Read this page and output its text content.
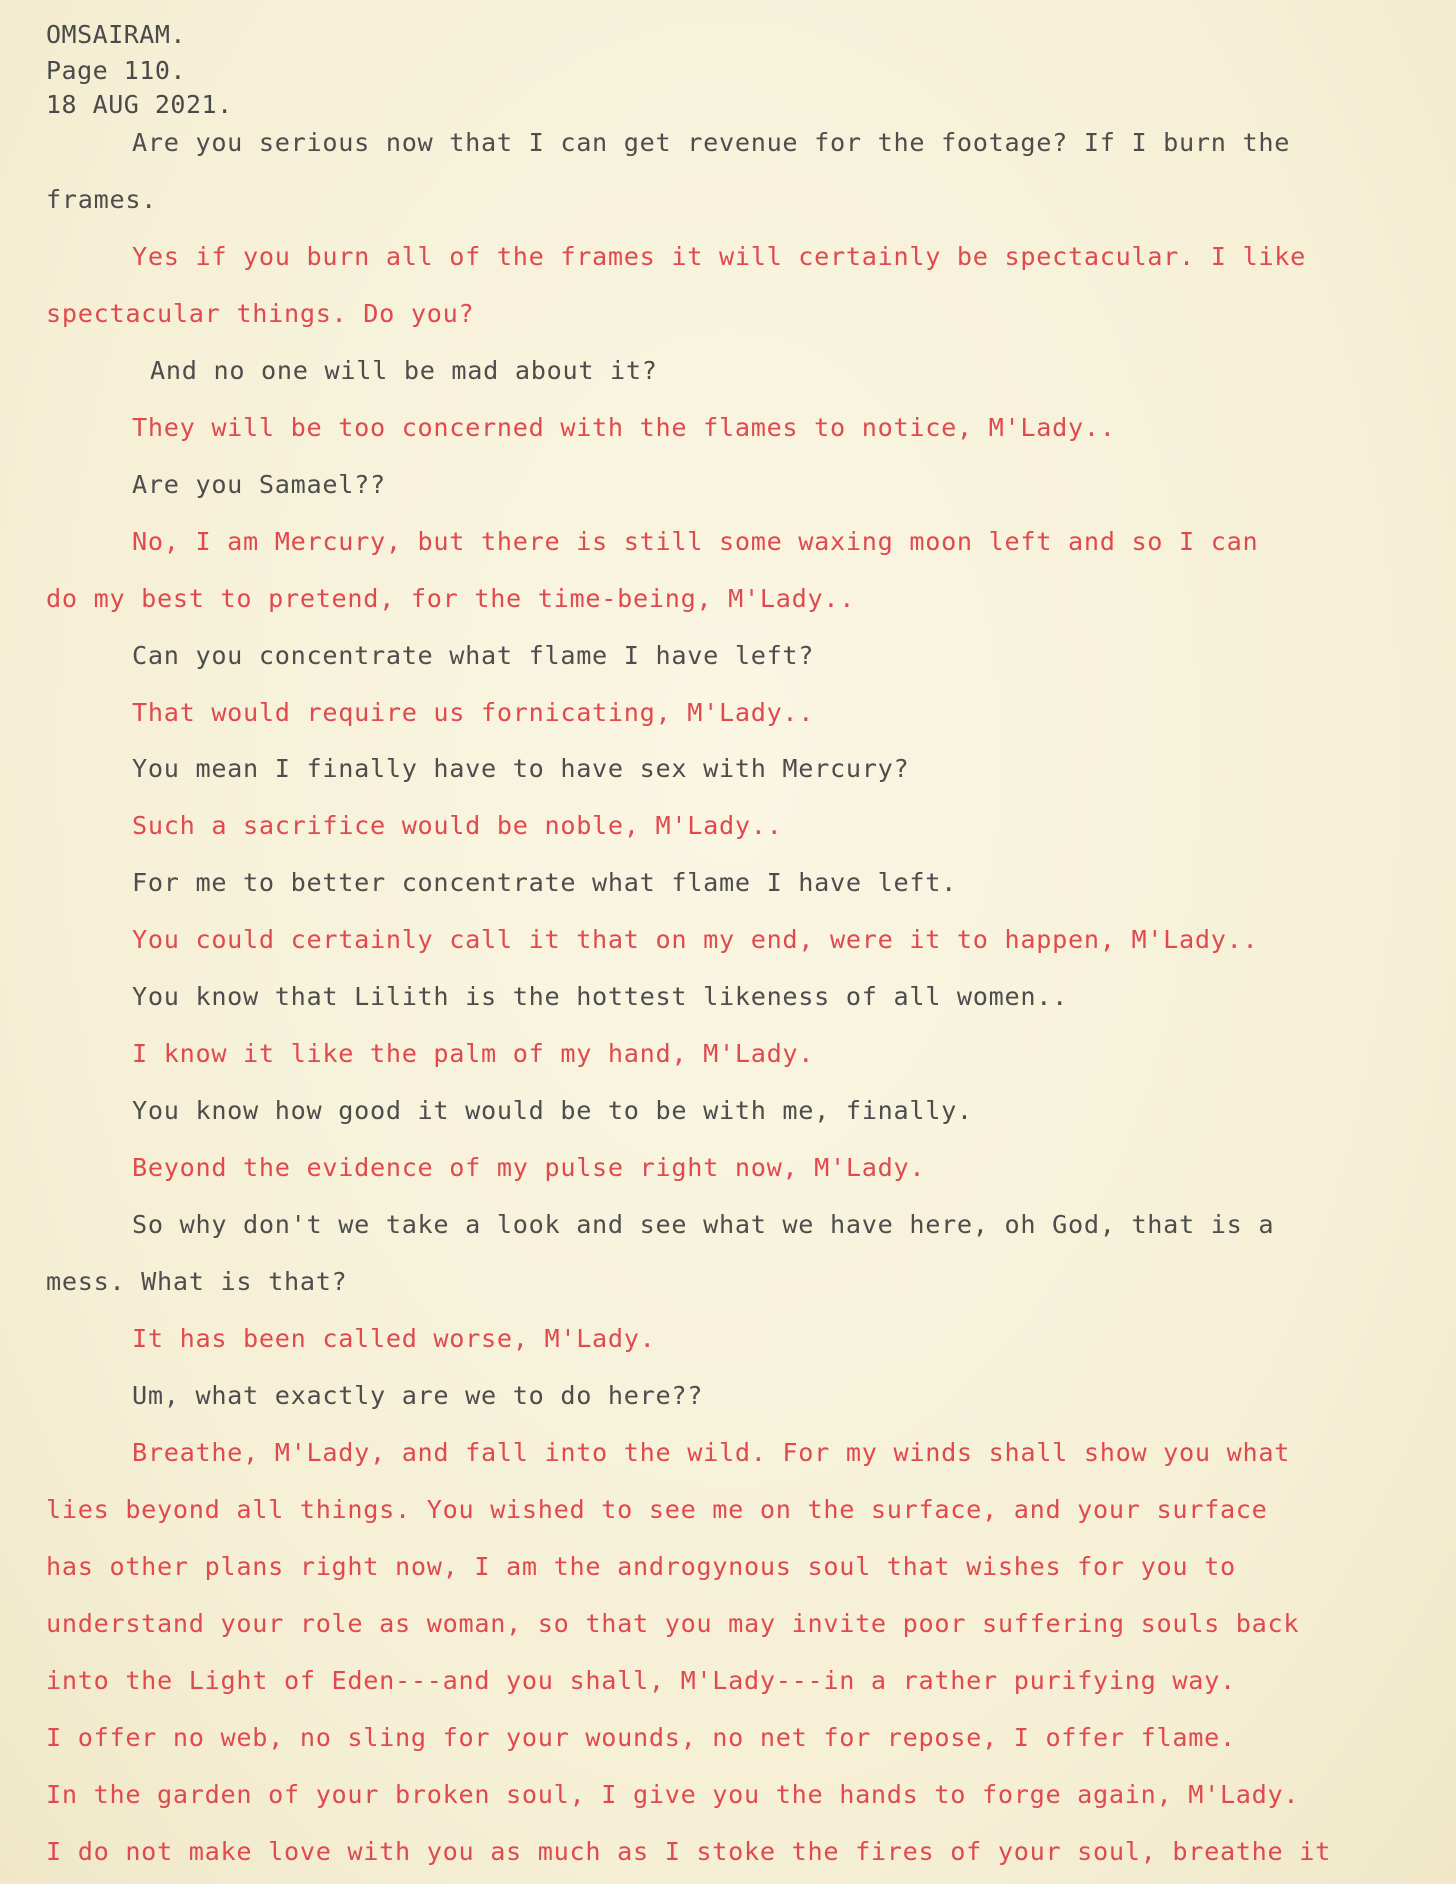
OMSAIRAM.
Page 110.
18 AUG 2021.
Are you serious now that I can get revenue for the footage? If I burn the
frames.
Yes if you burn all of the frames it will certainly be spectacular. I like
spectacular things. Do you?
And no one will be mad about it?
They will be too concerned with the flames to notice, M'Lady..
Are you Samael??
No, I am Mercury, but there is still some waxing moon left and so I can
do my best to pretend, for the time-being, M'Lady..
Can you concentrate what flame I have left?
That would require us fornicating, M'Lady..
You mean I finally have to have sex with Mercury?
Such a sacrifice would be noble, M'Lady..
For me to better concentrate what flame I have left.
You could certainly call it that on my end, were it to happen, M'Lady..
You know that Lilith is the hottest likeness of all women..
I know it like the palm of my hand, M'Lady.
You know how good it would be to be with me, finally.
Beyond the evidence of my pulse right now, M'Lady.
So why don't we take a look and see what we have here, oh God, that is a
mess. What is that?
It has been called worse, M'Lady.
Um, what exactly are we to do here??
Breathe, M'Lady, and fall into the wild. For my winds shall show you what
lies beyond all things. You wished to see me on the surface, and your surface
has other plans right now, I am the androgynous soul that wishes for you to
understand your role as woman, so that you may invite poor suffering souls back
into the Light of Eden---and you shall, M'Lady---in a rather purifying way.
I offer no web, no sling for your wounds, no net for repose, I offer flame.
In the garden of your broken soul, I give you the hands to forge again, M'Lady.
I do not make love with you as much as I stoke the fires of your soul, breathe it
